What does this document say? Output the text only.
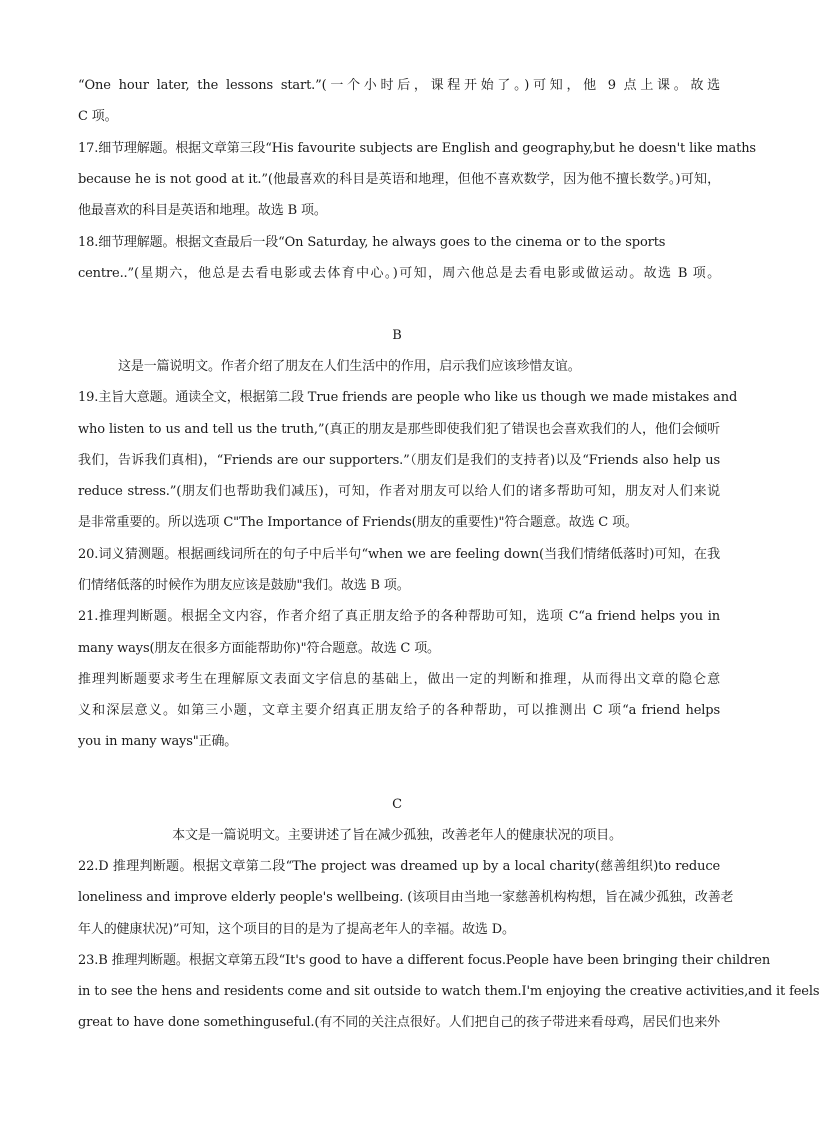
“One hour later, the lessons start.”(一个小时后，课程开始了。)可知，他 9 点上课。故选
C 项。
17.细节理解题。根据文章第三段“His favourite subjects are English and geography,but he doesn't like maths
because he is not good at it.”(他最喜欢的科目是英语和地理，但他不喜欢数学，因为他不擅长数学。)可知，
他最喜欢的科目是英语和地理。故选 B 项。
18.细节理解题。根据文查最后一段“On Saturday, he always goes to the cinema or to the sports
centre..”(星期六，他总是去看电影或去体育中心。)可知，周六他总是去看电影或做运动。故选 B 项。
B
这是一篇说明文。作者介绍了朋友在人们生活中的作用，启示我们应该珍惜友谊。
19.主旨大意题。通读全文，根据第二段 True friends are people who like us though we made mistakes and
who listen to us and tell us the truth,”(真正的朋友是那些即使我们犯了错误也会喜欢我们的人，他们会倾听
我们，告诉我们真相)，“Friends are our supporters.”（朋友们是我们的支持者)以及“Friends also help us
reduce stress.”(朋友们也帮助我们减压)，可知，作者对朋友可以给人们的诸多帮助可知，朋友对人们来说
是非常重要的。所以选项 C"The Importance of Friends(朋友的重要性)"符合题意。故选 C 项。
20.词义猜测题。根据画线词所在的句子中后半句“when we are feeling down(当我们情绪低落时)可知，在我
们情绪低落的时候作为朋友应该是鼓励"我们。故选 B 项。
21.推理判断题。根据全文内容，作者介绍了真正朋友给予的各种帮助可知，选项 C“a friend helps you in
many ways(朋友在很多方面能帮助你)"符合题意。故选 C 项。
推理判断题要求考生在理解原文表面文字信息的基础上，做出一定的判断和推理，从而得出文章的隐仑意
义和深层意义。如第三小题，文章主要介绍真正朋友给子的各种帮助，可以推测出 C 项“a friend helps
you in many ways"正确。
C
本文是一篇说明文。主要讲述了旨在减少孤独，改善老年人的健康状况的项目。
22.D 推理判断题。根据文章第二段“The project was dreamed up by a local charity(慈善组织)to reduce
loneliness and improve elderly people's wellbeing. (该项目由当地一家慈善机构构想，旨在减少孤独，改善老
年人的健康状况)”可知，这个项目的目的是为了提高老年人的幸福。故选 D。
23.B 推理判断题。根据文章第五段“It's good to have a different focus.People have been bringing their children
in to see the hens and residents come and sit outside to watch them.I'm enjoying the creative activities,and it feels
great to have done somethinguseful.(有不同的关注点很好。人们把自己的孩子带进来看母鸡，居民们也来外
